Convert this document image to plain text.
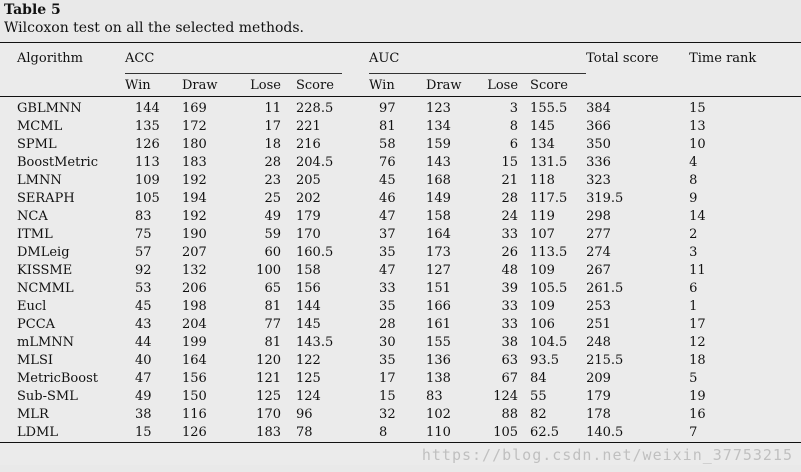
Table 5
Wilcoxon test on all the selected methods.
Algorithm	ACC					AUC				Total score	Time rank
	Win	Draw	Lose	Score		Win	Draw	Lose	Score		

GBLMNN	144	169	11	228.5		97	123	3	155.5	384	15
MCML	135	172	17	221		81	134	8	145	366	13
SPML	126	180	18	216		58	159	6	134	350	10
BoostMetric	113	183	28	204.5		76	143	15	131.5	336	4
LMNN	109	192	23	205		45	168	21	118	323	8
SERAPH	105	194	25	202		46	149	28	117.5	319.5	9
NCA	83	192	49	179		47	158	24	119	298	14
ITML	75	190	59	170		37	164	33	107	277	2
DMLeig	57	207	60	160.5		35	173	26	113.5	274	3
KISSME	92	132	100	158		47	127	48	109	267	11
NCMML	53	206	65	156		33	151	39	105.5	261.5	6
Eucl	45	198	81	144		35	166	33	109	253	1
PCCA	43	204	77	145		28	161	33	106	251	17
mLMNN	44	199	81	143.5		30	155	38	104.5	248	12
MLSI	40	164	120	122		35	136	63	93.5	215.5	18
MetricBoost	47	156	121	125		17	138	67	84	209	5
Sub-SML	49	150	125	124		15	83	124	55	179	19
MLR	38	116	170	96		32	102	88	82	178	16
LDML	15	126	183	78		8	110	105	62.5	140.5	7
https://blog.csdn.net/weixin_37753215
